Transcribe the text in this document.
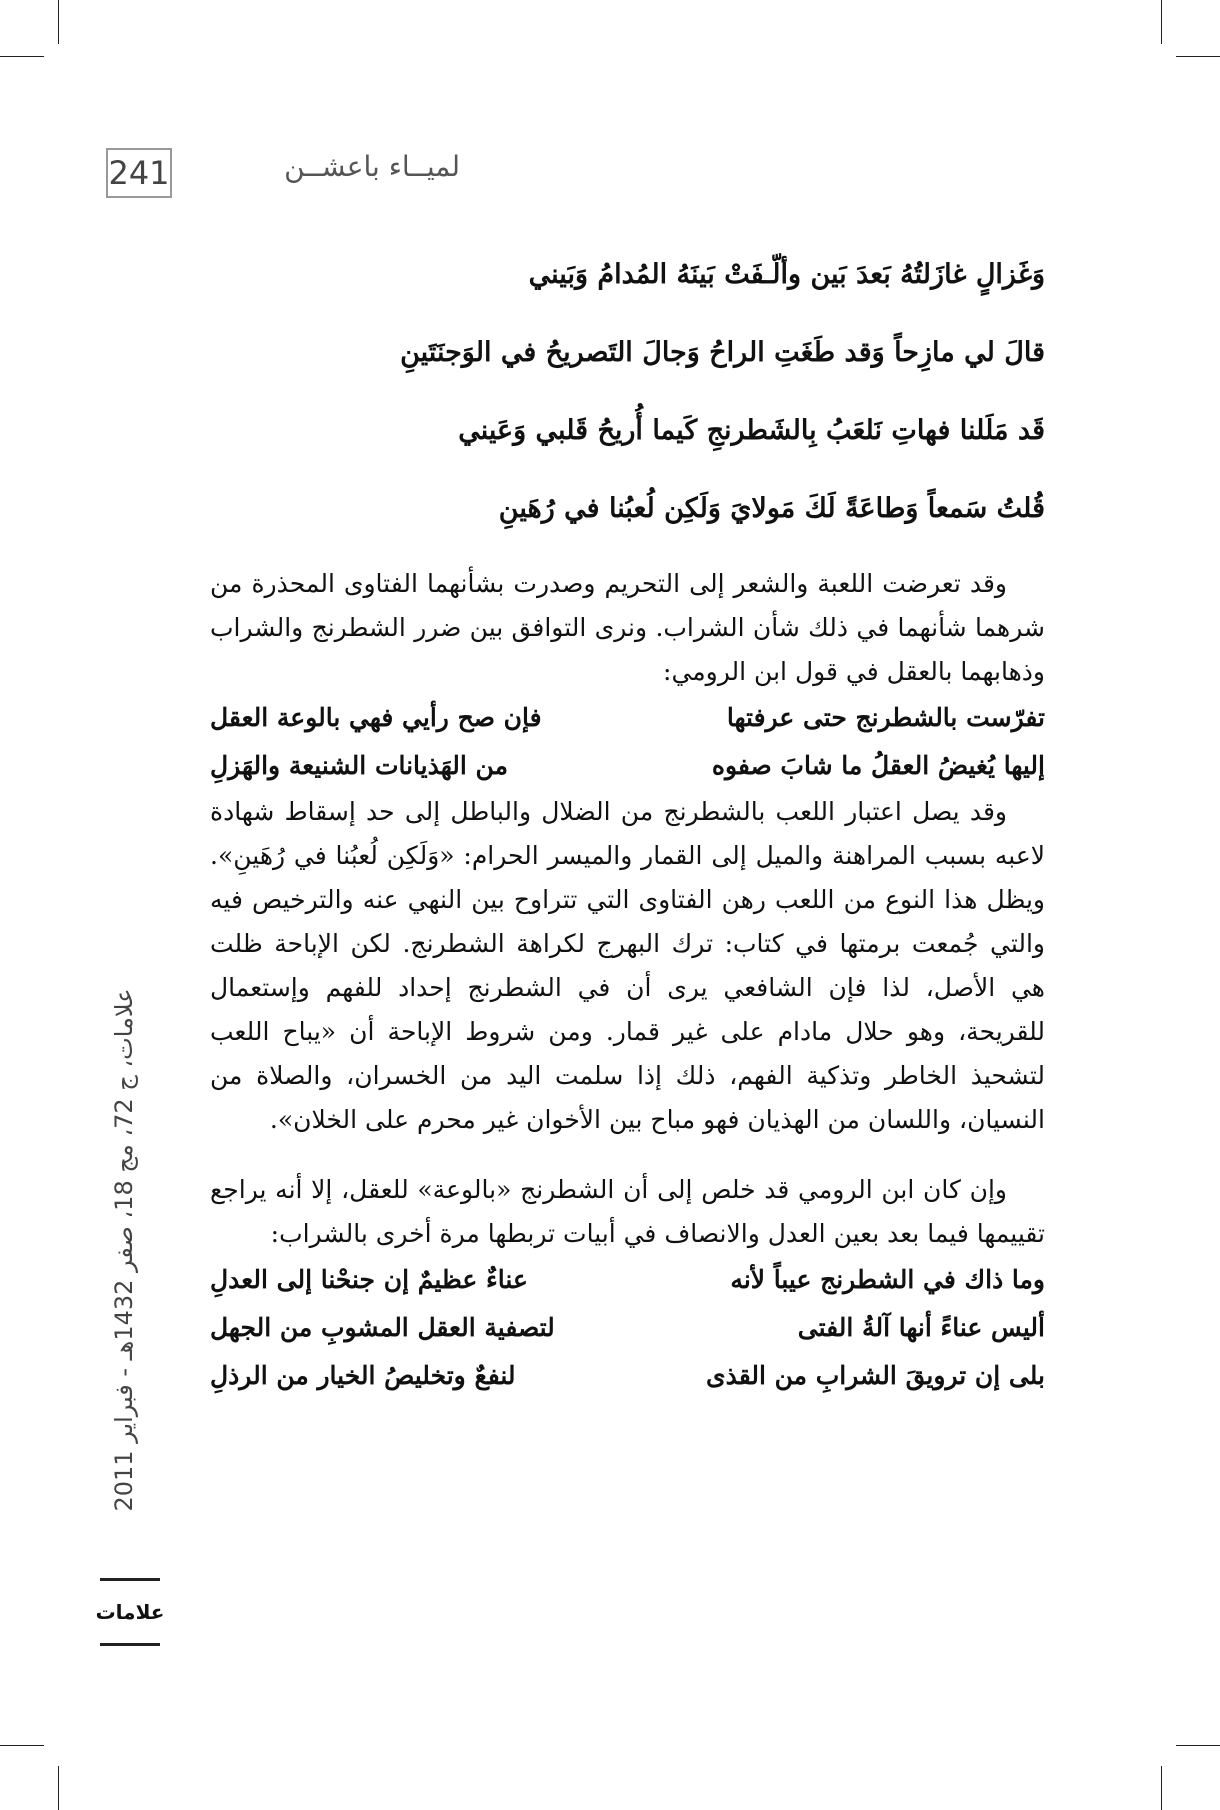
241	لميــاء باعشــن
وَغَزالٍ غازَلتُهُ بَعدَ بَين وألّـفَتْ بَينَهُ المُدامُ وَبَيني
قالَ لي مازِحاً وَقد طَغَتِ الراحُ وَجالَ التَصريحُ في الوَجنَتَينِ
قَد مَلَلنا فهاتِ نَلعَبُ بِالشَطرنجِ كَيما أُريحُ قَلبي وَعَيني
قُلتُ سَمعاً وَطاعَةً لَكَ مَولايَ وَلَكِن لُعبُنا في رُهَينِ

وقد تعرضت اللعبة والشعر إلى التحريم وصدرت بشأنهما الفتاوى المحذرة من شرهما شأنهما في ذلك شأن الشراب. ونرى التوافق بين ضرر الشطرنج والشراب وذهابهما بالعقل في قول ابن الرومي:

تفرّست بالشطرنج حتى عرفتها
فإن صح رأيي فهي بالوعة العقل
إليها يُغيضُ العقلُ ما شابَ صفوه
من الهَذيانات الشنيعة والهَزلِ

وقد يصل اعتبار اللعب بالشطرنج من الضلال والباطل إلى حد إسقاط شهادة لاعبه بسبب المراهنة والميل إلى القمار والميسر الحرام: «وَلَكِن لُعبُنا في رُهَينِ». ويظل هذا النوع من اللعب رهن الفتاوى التي تتراوح بين النهي عنه والترخيص فيه والتي جُمعت برمتها في كتاب: ترك البهرج لكراهة الشطرنج. لكن الإباحة ظلت هي الأصل، لذا فإن الشافعي يرى أن في الشطرنج إحداد للفهم وإستعمال للقريحة، وهو حلال مادام على غير قمار. ومن شروط الإباحة أن «يباح اللعب لتشحيذ الخاطر وتذكية الفهم، ذلك إذا سلمت اليد من الخسران، والصلاة من النسيان، واللسان من الهذيان فهو مباح بين الأخوان غير محرم على الخلان».

وإن كان ابن الرومي قد خلص إلى أن الشطرنج «بالوعة» للعقل، إلا أنه يراجع تقييمها فيما بعد بعين العدل والانصاف في أبيات تربطها مرة أخرى بالشراب:

وما ذاك في الشطرنج عيباً لأنه
عناءٌ عظيمٌ إن جنحْنا إلى العدلِ
أليس عناءً أنها آلةُ الفتى
لتصفية العقل المشوبِ من الجهل
بلى إن ترويقَ الشرابِ من القذى
لنفعٌ وتخليصُ الخيار من الرذلِ
علامات، ج 72، مج 18، صفر 1432هـ - فبراير 2011
علامات
